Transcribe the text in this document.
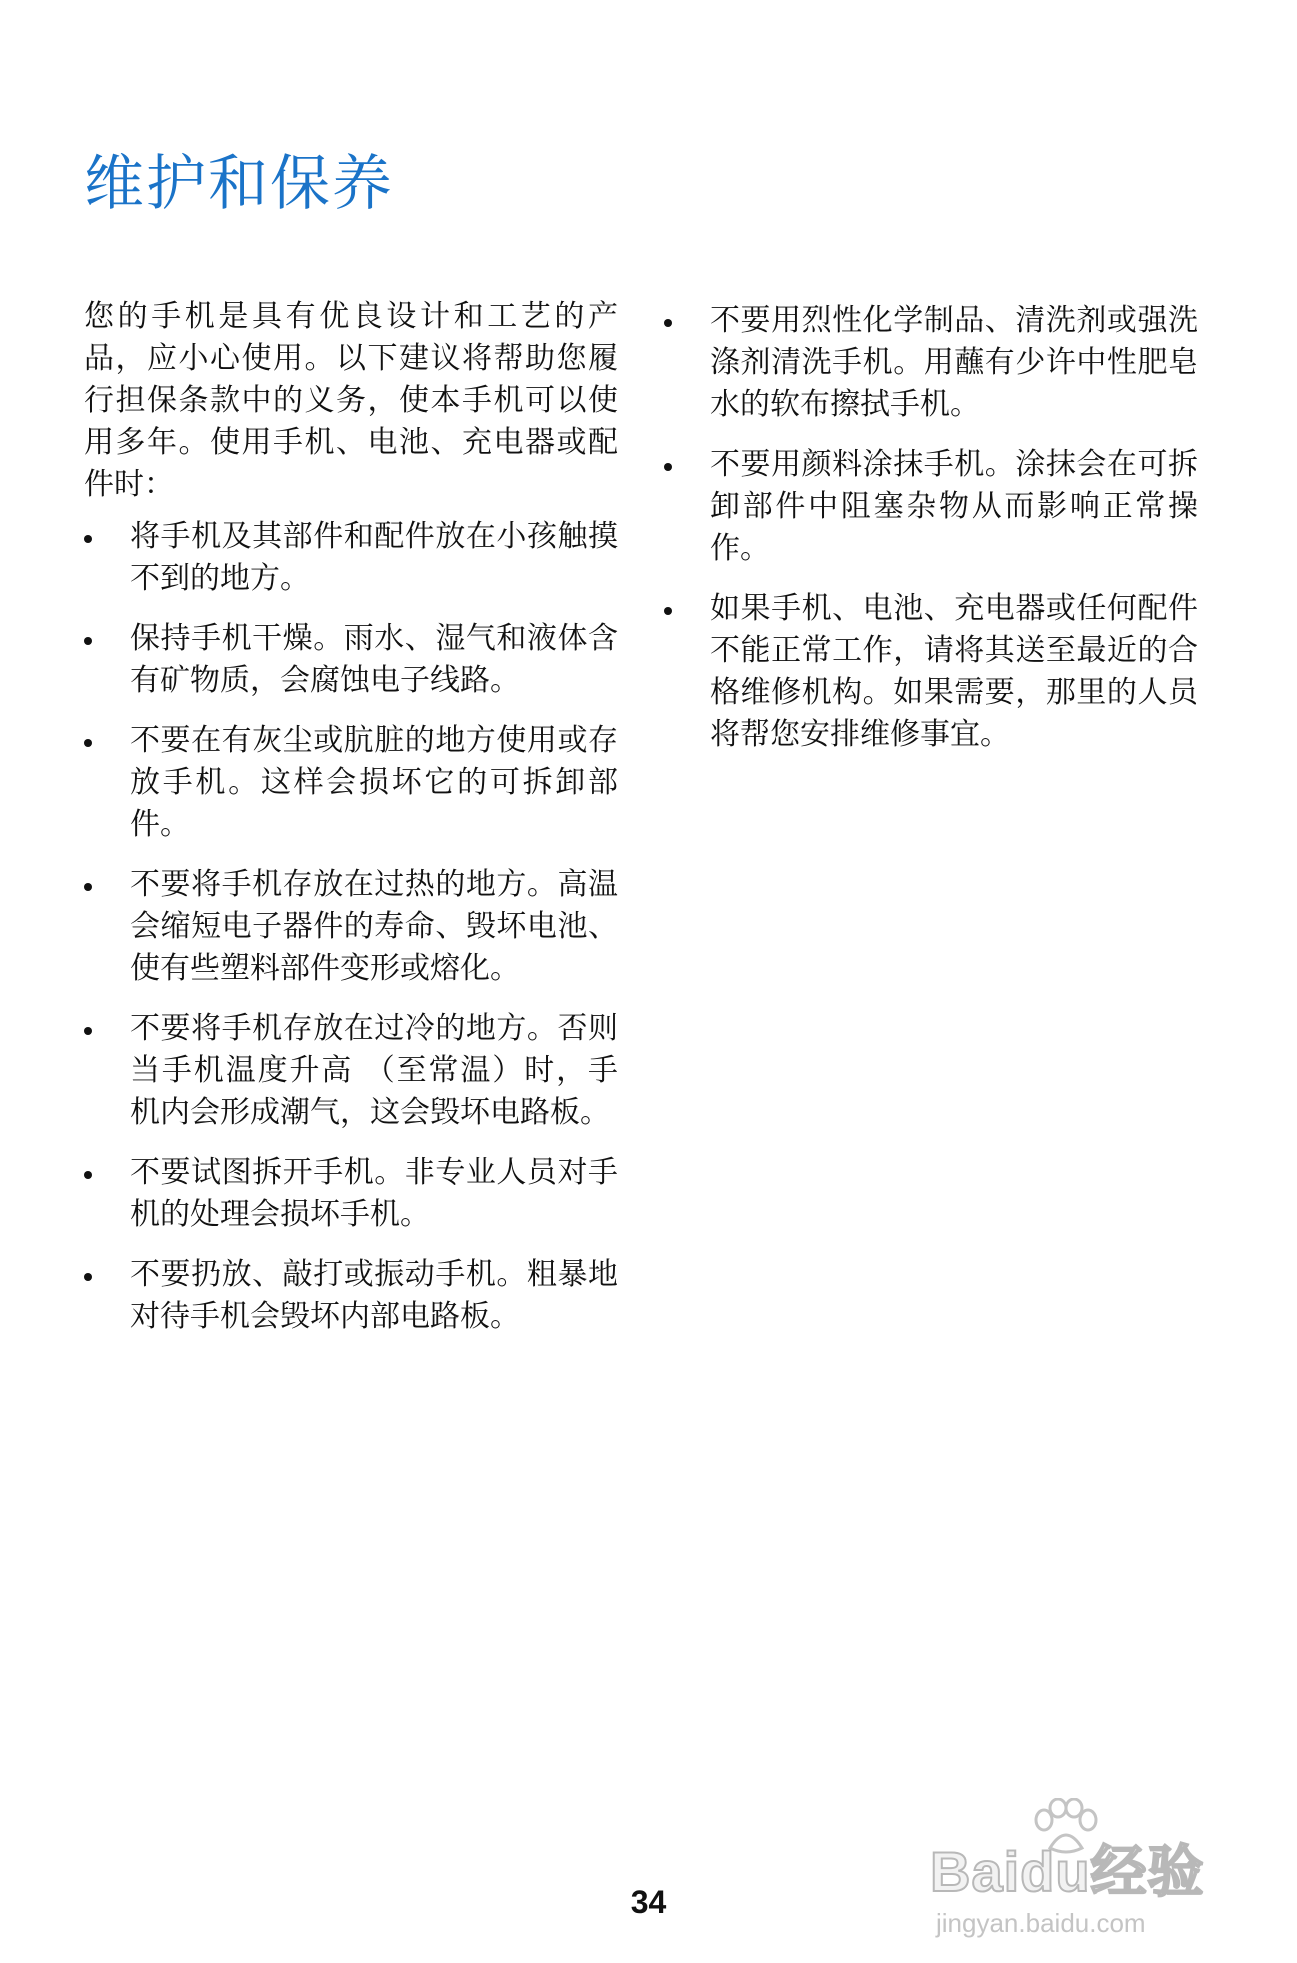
维护和保养

您的手机是具有优良设计和工艺的产品，应小心使用。以下建议将帮助您履行担保条款中的义务，使本手机可以使用多年。使用手机、电池、充电器或配件时：

将手机及其部件和配件放在小孩触摸不到的地方。
保持手机干燥。雨水、湿气和液体含有矿物质，会腐蚀电子线路。
不要在有灰尘或肮脏的地方使用或存放手机。这样会损坏它的可拆卸部件。
不要将手机存放在过热的地方。高温会缩短电子器件的寿命、毁坏电池、使有些塑料部件变形或熔化。
不要将手机存放在过冷的地方。否则当手机温度升高 （至常温）时，手机内会形成潮气，这会毁坏电路板。
不要试图拆开手机。非专业人员对手机的处理会损坏手机。
不要扔放、敲打或振动手机。粗暴地对待手机会毁坏内部电路板。
不要用烈性化学制品、清洗剂或强洗涤剂清洗手机。用蘸有少许中性肥皂水的软布擦拭手机。
不要用颜料涂抹手机。涂抹会在可拆卸部件中阻塞杂物从而影响正常操作。
如果手机、电池、充电器或任何配件不能正常工作，请将其送至最近的合格维修机构。如果需要，那里的人员将帮您安排维修事宜。
34	Baidu经验
jingyan.baidu.com
